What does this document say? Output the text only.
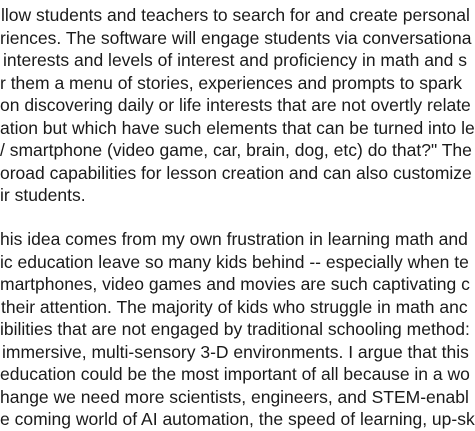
llow students and teachers to search for and create personal
riences. The software will engage students via conversationa
interests and levels of interest and proficiency in math and s
r them a menu of stories, experiences and prompts to spark
on discovering daily or life interests that are not overtly relate
ation but which have such elements that can be turned into le
/ smartphone (video game, car, brain, dog, etc) do that?" The
oroad capabilities for lesson creation and can also customize
ir students.
his idea comes from my own frustration in learning math and
ic education leave so many kids behind -- especially when te
martphones, video games and movies are such captivating c
their attention. The majority of kids who struggle in math anc
ibilities that are not engaged by traditional schooling method:
immersive, multi-sensory 3-D environments. I argue that this
education could be the most important of all because in a wo
hange we need more scientists, engineers, and STEM-enabl
e coming world of AI automation, the speed of learning, up-sk
